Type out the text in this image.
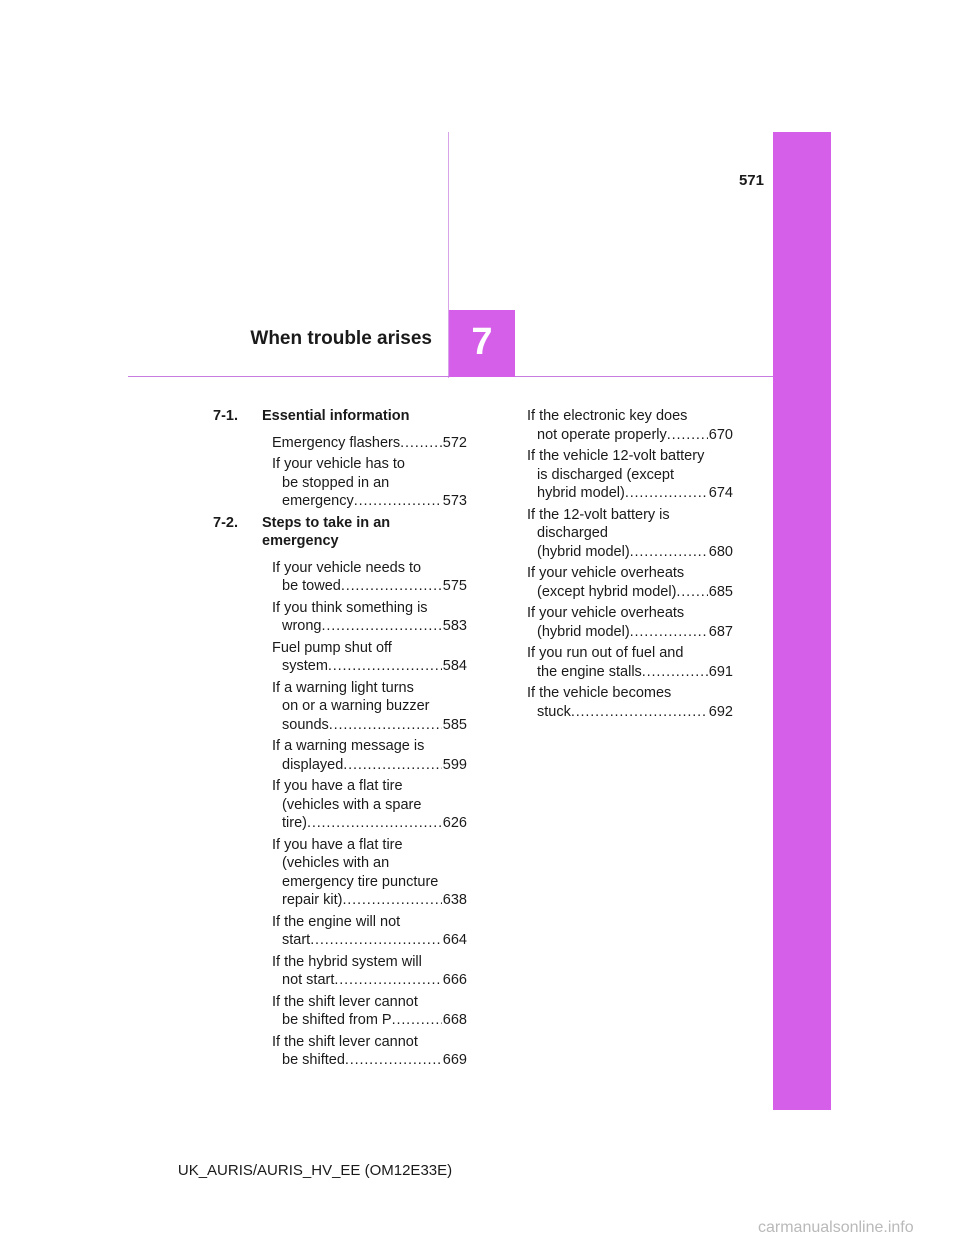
571
7
When trouble arises
7-1. Essential information
Emergency flashers . . .	572
If your vehicle has to
be stopped in an
emergency . . .	573
7-2. Steps to take in an
emergency
If your vehicle needs to
be towed . . .	575
If you think something is
wrong . . .	583
Fuel pump shut off
system . . .	584
If a warning light turns
on or a warning buzzer
sounds . . .	585
If a warning message is
displayed . . .	599
If you have a flat tire
(vehicles with a spare
tire) . . .	626
If you have a flat tire
(vehicles with an
emergency tire puncture
repair kit) . . .	638
If the engine will not
start . . .	664
If the hybrid system will
not start . . .	666
If the shift lever cannot
be shifted from P . . .	668
If the shift lever cannot
be shifted . . .	669
If the electronic key does
not operate properly . . .	670
If the vehicle 12-volt battery
is discharged (except
hybrid model) . . .	674
If the 12-volt battery is
discharged
(hybrid model) . . .	680
If your vehicle overheats
(except hybrid model) . . . 685
If your vehicle overheats
(hybrid model) . . .	687
If you run out of fuel and
the engine stalls . . .	691
If the vehicle becomes
stuck . . .	692
UK_AURIS/AURIS_HV_EE (OM12E33E)
carmanualsonline.info
